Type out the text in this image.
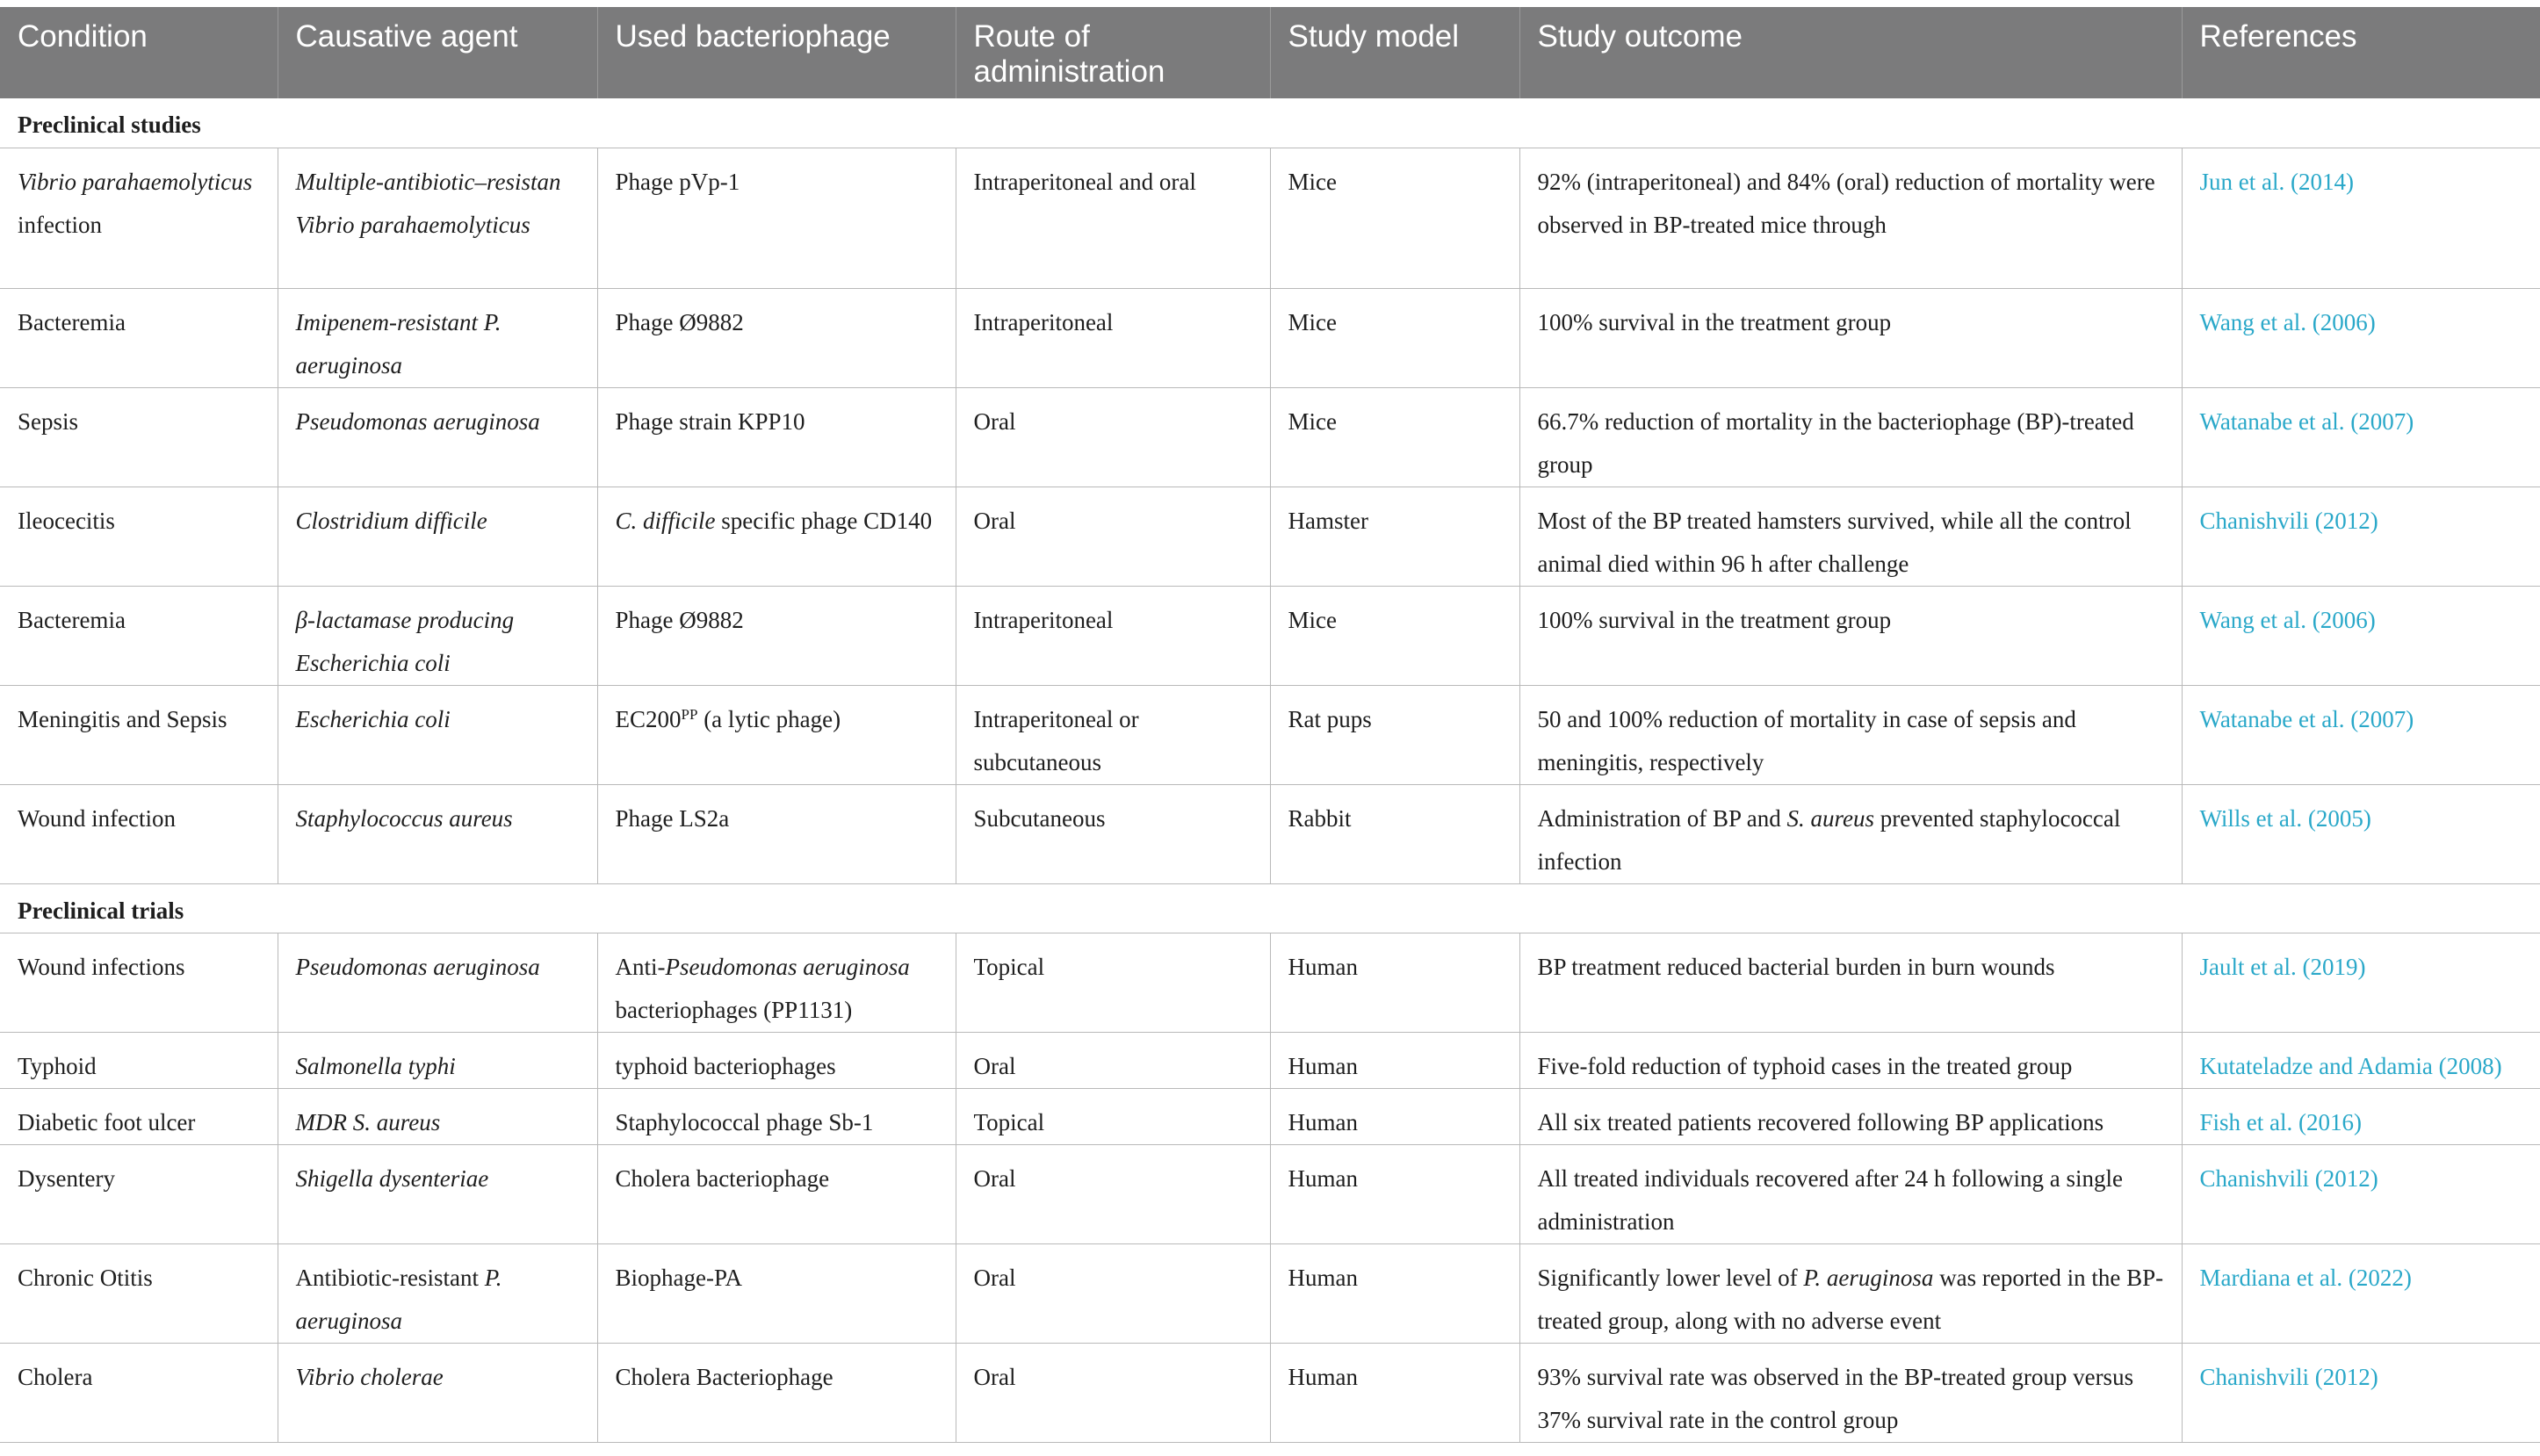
Condition	Causative agent	Used bacteriophage	Route of administration	Study model	Study outcome	References
Preclinical studies						
Vibrio parahaemolyticus infection	Multiple-antibiotic–resistan Vibrio parahaemolyticus	Phage pVp-1	Intraperitoneal and oral	Mice	92% (intraperitoneal) and 84% (oral) reduction of mortality were observed in BP-treated mice through	Jun et al. (2014)
Bacteremia	Imipenem-resistant P. aeruginosa	Phage Ø9882	Intraperitoneal	Mice	100% survival in the treatment group	Wang et al. (2006)
Sepsis	Pseudomonas aeruginosa	Phage strain KPP10	Oral	Mice	66.7% reduction of mortality in the bacteriophage (BP)-treated group	Watanabe et al. (2007)
Ileocecitis	Clostridium difficile	C. difficile specific phage CD140	Oral	Hamster	Most of the BP treated hamsters survived, while all the control animal died within 96 h after challenge	Chanishvili (2012)
Bacteremia	β-lactamase producing Escherichia coli	Phage Ø9882	Intraperitoneal	Mice	100% survival in the treatment group	Wang et al. (2006)
Meningitis and Sepsis	Escherichia coli	$EC200^{PP}$ (a lytic phage)	Intraperitoneal or subcutaneous	Rat pups	50 and 100% reduction of mortality in case of sepsis and meningitis, respectively	Watanabe et al. (2007)
Wound infection	Staphylococcus aureus	Phage LS2a	Subcutaneous	Rabbit	Administration of BP and S. aureus prevented staphylococcal infection	Wills et al. (2005)
Preclinical trials						
Wound infections	Pseudomonas aeruginosa	Anti-Pseudomonas aeruginosa bacteriophages (PP1131)	Topical	Human	BP treatment reduced bacterial burden in burn wounds	Jault et al. (2019)
Typhoid	Salmonella typhi	typhoid bacteriophages	Oral	Human	Five-fold reduction of typhoid cases in the treated group	Kutateladze and Adamia (2008)
Diabetic foot ulcer	MDR S. aureus	Staphylococcal phage Sb-1	Topical	Human	All six treated patients recovered following BP applications	Fish et al. (2016)
Dysentery	Shigella dysenteriae	Cholera bacteriophage	Oral	Human	All treated individuals recovered after 24 h following a single administration	Chanishvili (2012)
Chronic Otitis	Antibiotic-resistant P. aeruginosa	Biophage-PA	Oral	Human	Significantly lower level of P. aeruginosa was reported in the BP-treated group, along with no adverse event	Mardiana et al. (2022)
Cholera	Vibrio cholerae	Cholera Bacteriophage	Oral	Human	93% survival rate was observed in the BP-treated group versus 37% survival rate in the control group	Chanishvili (2012)
